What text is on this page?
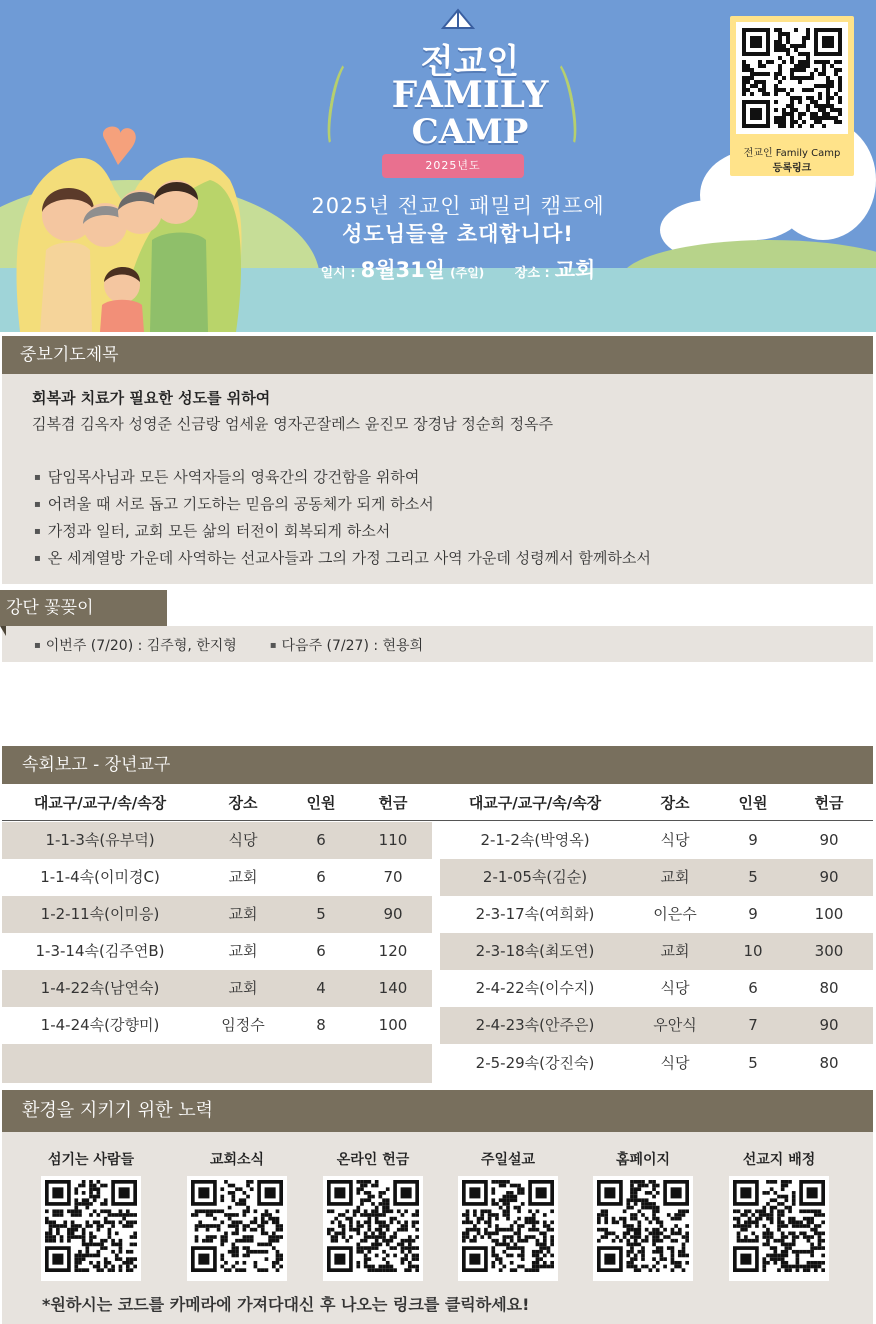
전교인
FAMILY
CAMP
2025년도
2025년 전교인 패밀리 캠프에
성도님들을 초대합니다!
일시 : 8월31일 (주일) 장소 : 교회
전교인 Family Camp
등록링크
중보기도제목
회복과 치료가 필요한 성도를 위하여
김복겸 김옥자 성영준 신금랑 엄세윤 영자곤잘레스 윤진모 장경남 정순희 정옥주
▪ 담임목사님과 모든 사역자들의 영육간의 강건함을 위하여
▪ 어려울 때 서로 돕고 기도하는 믿음의 공동체가 되게 하소서
▪ 가정과 일터, 교회 모든 삶의 터전이 회복되게 하소서
▪ 온 세계열방 가운데 사역하는 선교사들과 그의 가정 그리고 사역 가운데 성령께서 함께하소서
강단 꽃꽂이
▪ 이번주 (7/20) : 김주형, 한지형  ▪	다음주 (7/27) : 현용희
속회보고 - 장년교구
대교구/교구/속/속장	장소	인원	헌금	대교구/교구/속/속장	장소	인원	헌금
1-1-3속(유부덕)	식당	6	110
1-1-4속(이미경C)	교회	6	70
1-2-11속(이미응)	교회	5	90
1-3-14속(김주연B)	교회	6	120
1-4-22속(남연숙)	교회	4	140
1-4-24속(강향미)	임정수	8	100
2-1-2속(박영옥)	식당	9	90
2-1-05속(김순)	교회	5	90
2-3-17속(여희화)	이은수	9	100
2-3-18속(최도연)	교회	10	300
2-4-22속(이수지)	식당	6	80
2-4-23속(안주은)	우안식	7	90
2-5-29속(강진숙)	식당	5	80
환경을 지키기 위한 노력
섬기는 사람들	교회소식	온라인 헌금	주일설교	홈페이지	선교지 배정
*원하시는 코드를 카메라에 가져다대신 후 나오는 링크를 클릭하세요!
